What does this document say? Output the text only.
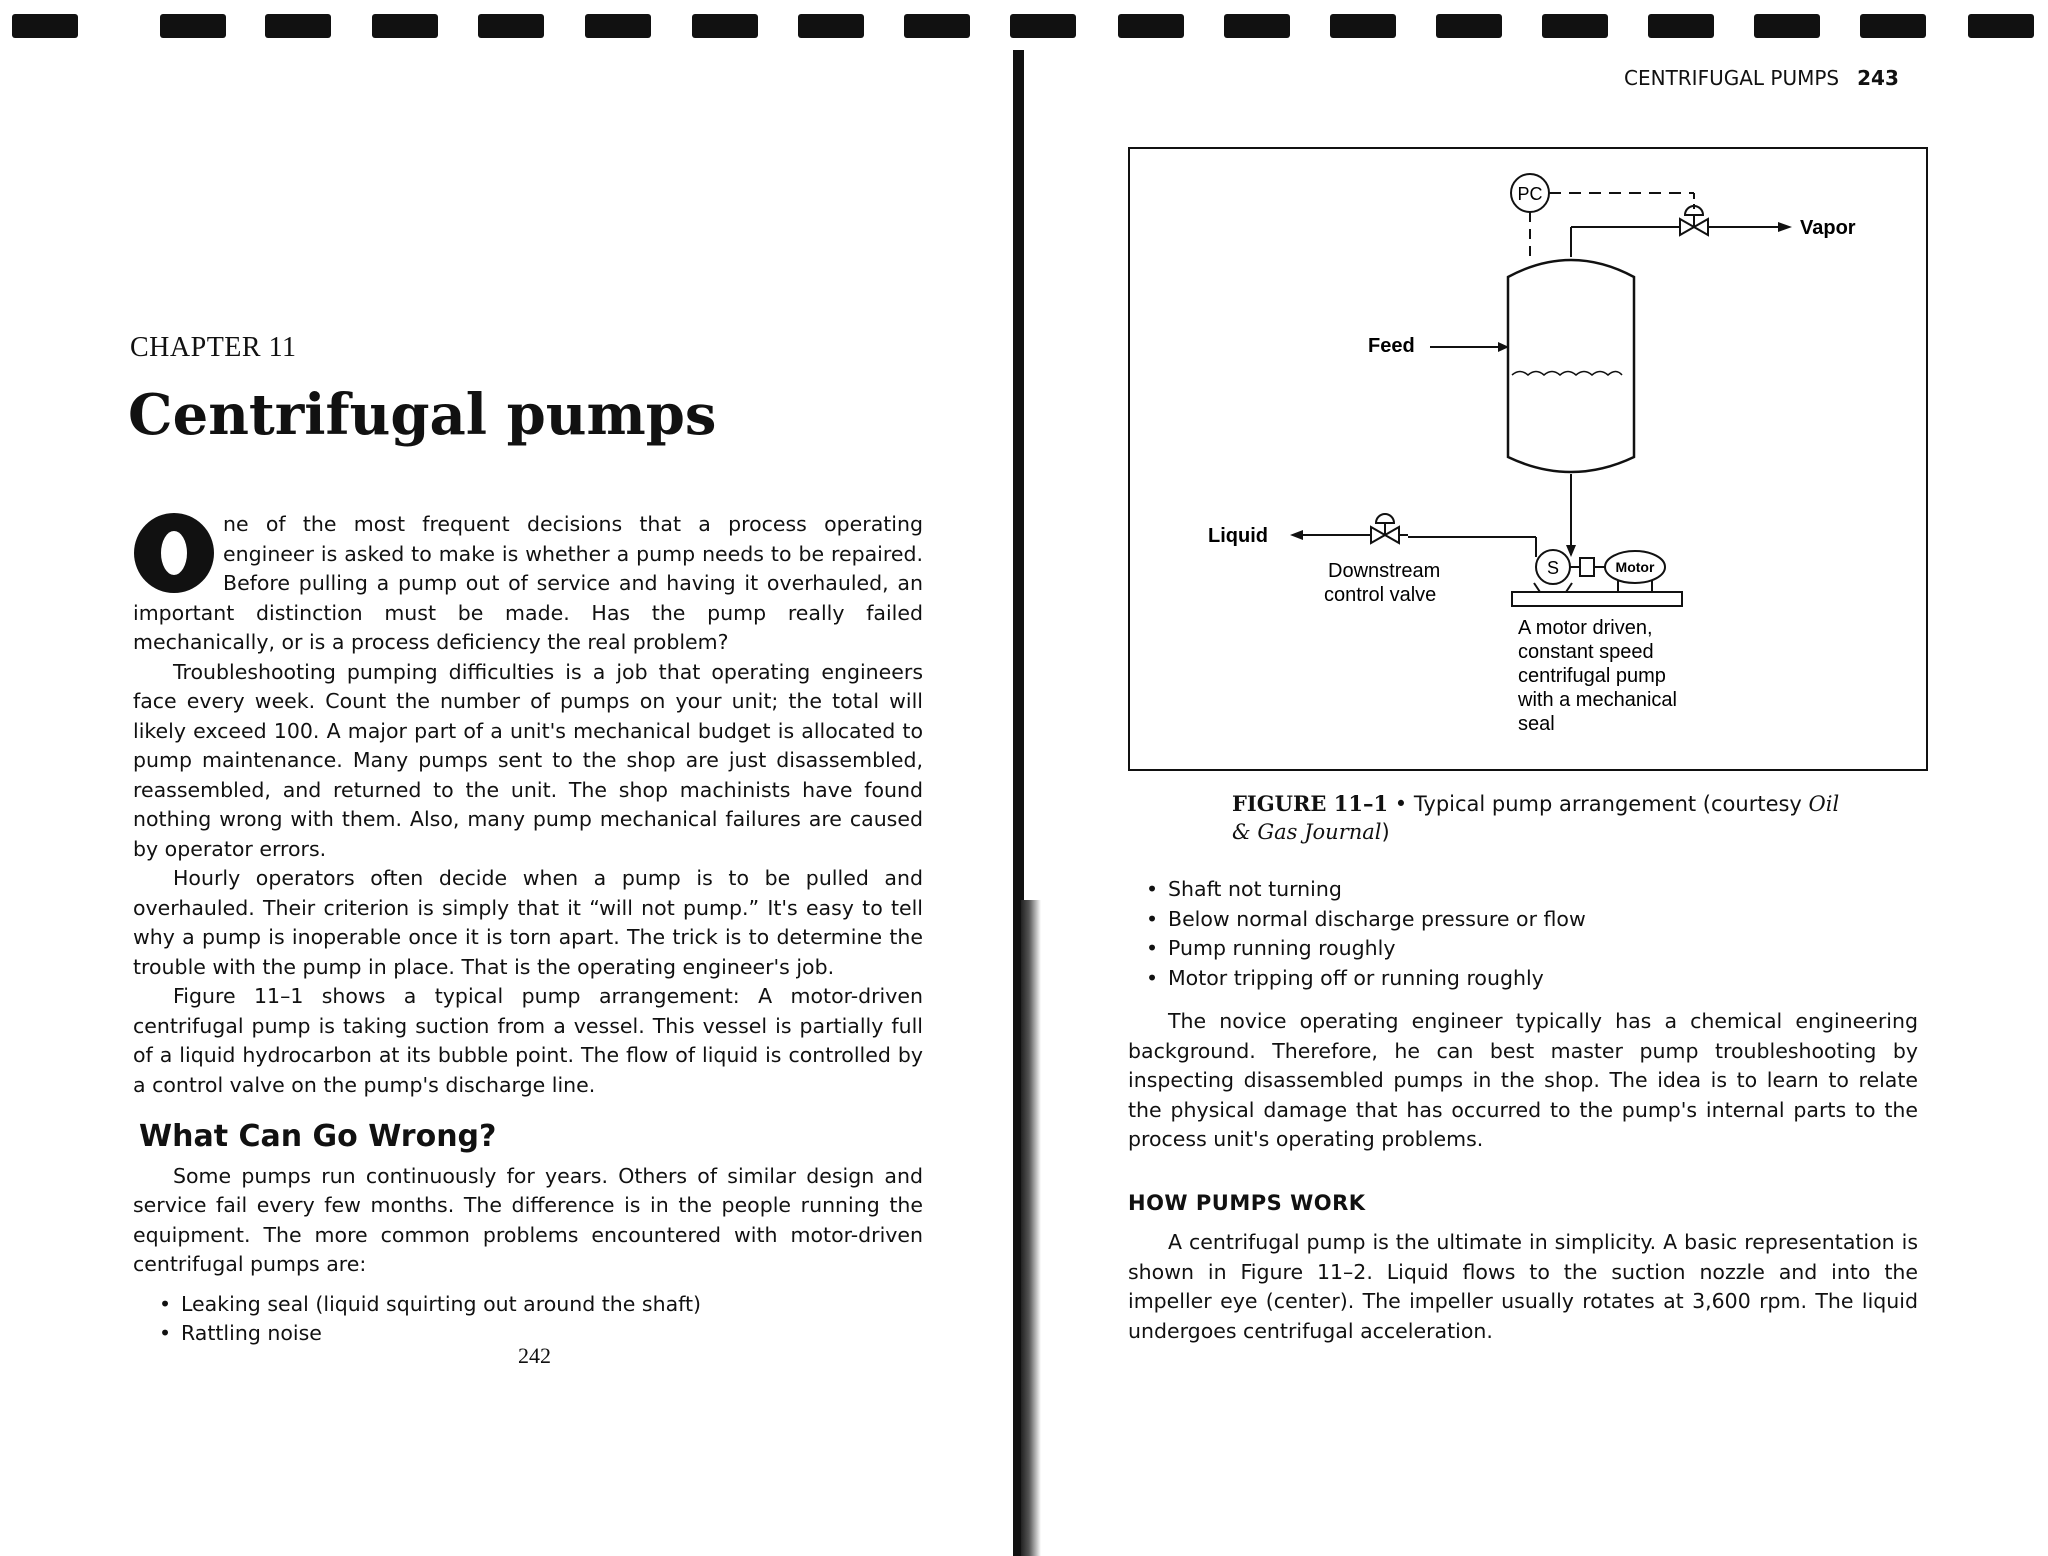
CHAPTER 11
Centrifugal pumps

ne of the most frequent decisions that a process operating engineer is asked to make is whether a pump needs to be repaired. Before pulling a pump out of service and having it overhauled, an important distinction must be made. Has the pump really failed mechanically, or is a process deficiency the real problem?

Troubleshooting pumping difficulties is a job that operating engineers face every week. Count the number of pumps on your unit; the total will likely exceed 100. A major part of a unit's mechanical budget is allocated to pump maintenance. Many pumps sent to the shop are just disassembled, reassembled, and returned to the unit. The shop machinists have found nothing wrong with them. Also, many pump mechanical failures are caused by operator errors.

Hourly operators often decide when a pump is to be pulled and overhauled. Their criterion is simply that it “will not pump.” It's easy to tell why a pump is inoperable once it is torn apart. The trick is to determine the trouble with the pump in place. That is the operating engineer's job.

Figure 11–1 shows a typical pump arrangement: A motor-driven centrifugal pump is taking suction from a vessel. This vessel is partially full of a liquid hydrocarbon at its bubble point. The flow of liquid is controlled by a control valve on the pump's discharge line.

What Can Go Wrong?

Some pumps run continuously for years. Others of similar design and service fail every few months. The difference is in the people running the equipment. The more common problems encountered with motor-driven centrifugal pumps are:

• Leaking seal (liquid squirting out around the shaft)
• Rattling noise
242
CENTRIFUGAL PUMPS 243
PC
Vapor
Feed
S	Motor
Liquid
Downstream
control valve
A motor driven,
constant speed
centrifugal pump
with a mechanical
seal
FIGURE 11–1 • Typical pump arrangement (courtesy Oil & Gas Journal)
• Shaft not turning
• Below normal discharge pressure or flow
• Pump running roughly
• Motor tripping off or running roughly

The novice operating engineer typically has a chemical engineering background. Therefore, he can best master pump troubleshooting by inspecting disassembled pumps in the shop. The idea is to learn to relate the physical damage that has occurred to the pump's internal parts to the process unit's operating problems.

HOW PUMPS WORK

A centrifugal pump is the ultimate in simplicity. A basic representation is shown in Figure 11–2. Liquid flows to the suction nozzle and into the impeller eye (center). The impeller usually rotates at 3,600 rpm. The liquid undergoes centrifugal acceleration.
